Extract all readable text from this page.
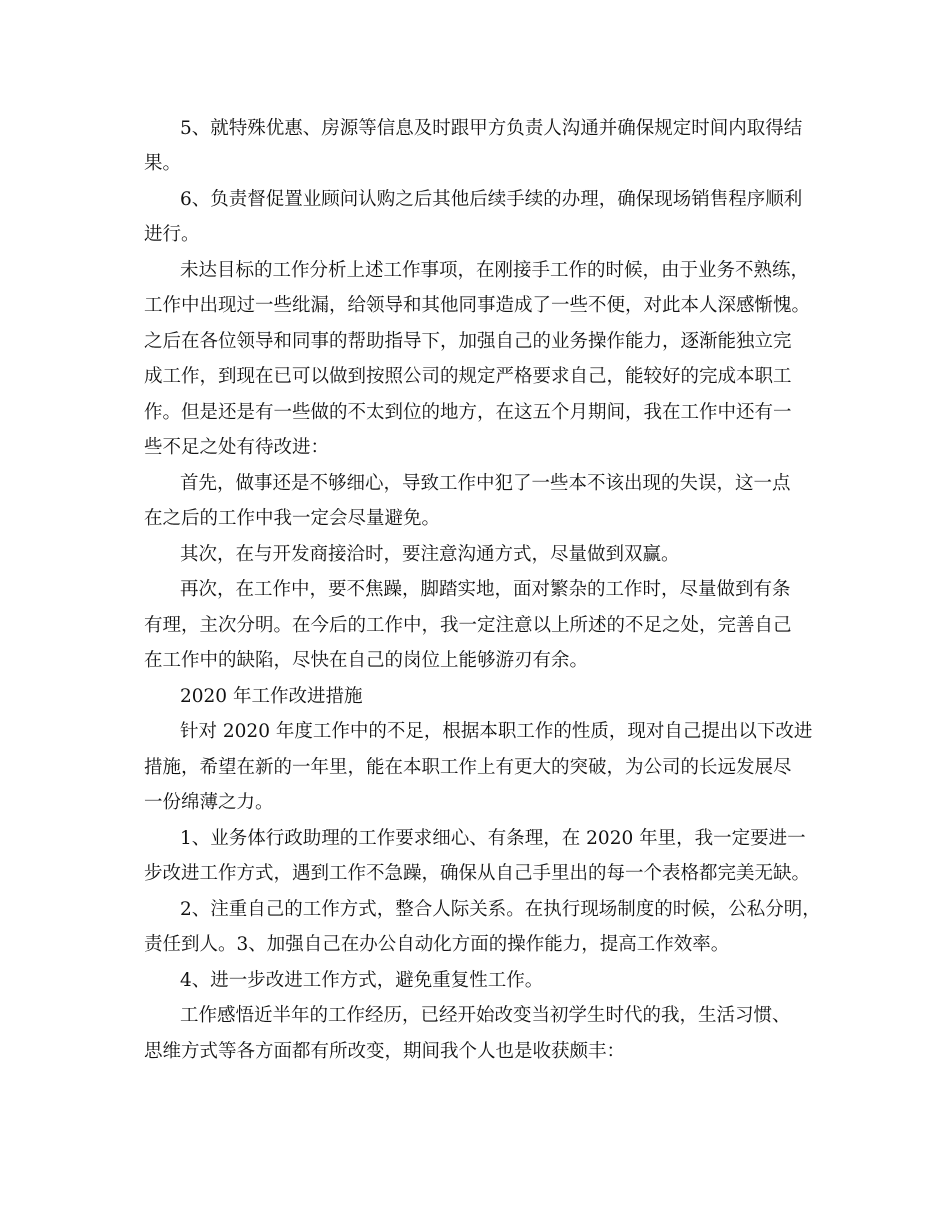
5、就特殊优惠、房源等信息及时跟甲方负责人沟通并确保规定时间内取得结
果。
6、负责督促置业顾问认购之后其他后续手续的办理，确保现场销售程序顺利
进行。
未达目标的工作分析上述工作事项，在刚接手工作的时候，由于业务不熟练，
工作中出现过一些纰漏，给领导和其他同事造成了一些不便，对此本人深感惭愧。
之后在各位领导和同事的帮助指导下，加强自己的业务操作能力，逐渐能独立完
成工作，到现在已可以做到按照公司的规定严格要求自己，能较好的完成本职工
作。但是还是有一些做的不太到位的地方，在这五个月期间，我在工作中还有一
些不足之处有待改进：
首先，做事还是不够细心，导致工作中犯了一些本不该出现的失误，这一点
在之后的工作中我一定会尽量避免。
其次，在与开发商接洽时，要注意沟通方式，尽量做到双赢。
再次，在工作中，要不焦躁，脚踏实地，面对繁杂的工作时，尽量做到有条
有理，主次分明。在今后的工作中，我一定注意以上所述的不足之处，完善自己
在工作中的缺陷，尽快在自己的岗位上能够游刃有余。
2020 年工作改进措施
针对 2020 年度工作中的不足，根据本职工作的性质，现对自己提出以下改进
措施，希望在新的一年里，能在本职工作上有更大的突破，为公司的长远发展尽
一份绵薄之力。
1、业务体行政助理的工作要求细心、有条理，在 2020 年里，我一定要进一
步改进工作方式，遇到工作不急躁，确保从自己手里出的每一个表格都完美无缺。
2、注重自己的工作方式，整合人际关系。在执行现场制度的时候，公私分明，
责任到人。3、加强自己在办公自动化方面的操作能力，提高工作效率。
4、进一步改进工作方式，避免重复性工作。
工作感悟近半年的工作经历，已经开始改变当初学生时代的我，生活习惯、
思维方式等各方面都有所改变，期间我个人也是收获颇丰：
